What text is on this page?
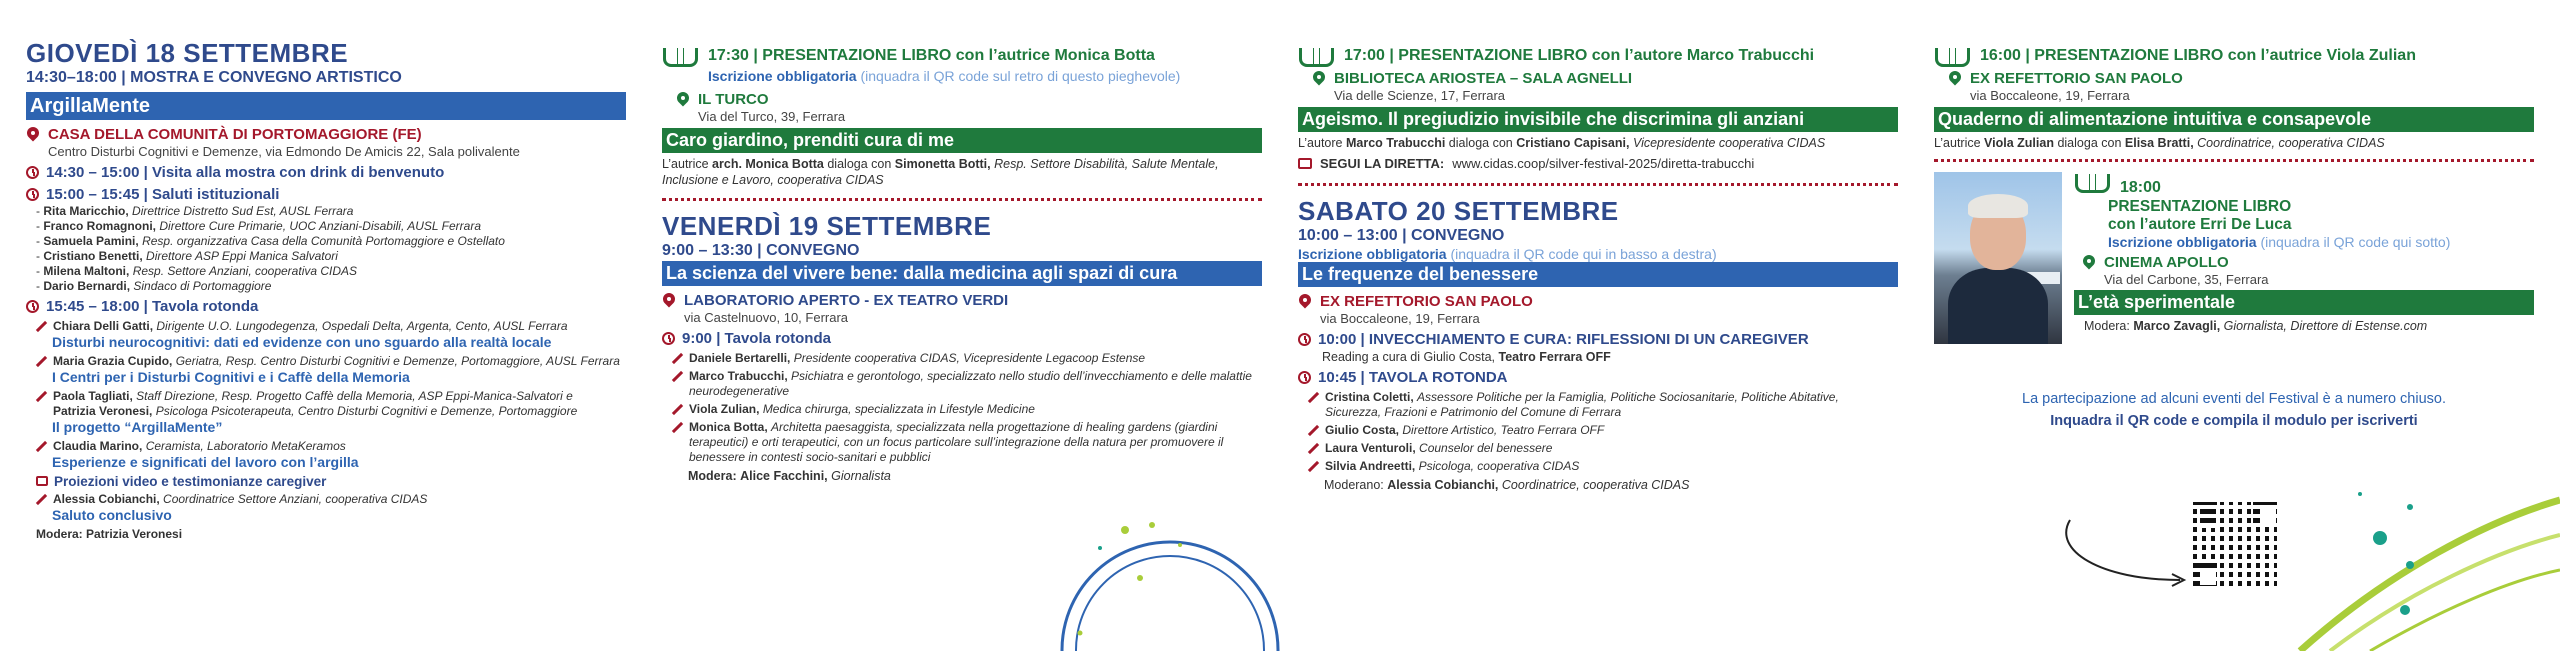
GIOVEDÌ 18 SETTEMBRE
14:30–18:00 | MOSTRA E CONVEGNO ARTISTICO
ArgillaMente
CASA DELLA COMUNITÀ DI PORTOMAGGIORE (FE)
Centro Disturbi Cognitivi e Demenze, via Edmondo De Amicis 22, Sala polivalente
14:30 – 15:00 | Visita alla mostra con drink di benvenuto
15:00 – 15:45 | Saluti istituzionali
- Rita Maricchio, Direttrice Distretto Sud Est, AUSL Ferrara
- Franco Romagnoni, Direttore Cure Primarie, UOC Anziani-Disabili, AUSL Ferrara
- Samuela Pamini, Resp. organizzativa Casa della Comunità Portomaggiore e Ostellato
- Cristiano Benetti, Direttore ASP Eppi Manica Salvatori
- Milena Maltoni, Resp. Settore Anziani, cooperativa CIDAS
- Dario Bernardi, Sindaco di Portomaggiore
15:45 – 18:00 | Tavola rotonda
Chiara Delli Gatti, Dirigente U.O. Lungodegenza, Ospedali Delta, Argenta, Cento, AUSL Ferrara
Disturbi neurocognitivi: dati ed evidenze con uno sguardo alla realtà locale
Maria Grazia Cupido, Geriatra, Resp. Centro Disturbi Cognitivi e Demenze, Portomaggiore, AUSL Ferrara
I Centri per i Disturbi Cognitivi e i Caffè della Memoria
Paola Tagliati, Staff Direzione, Resp. Progetto Caffè della Memoria, ASP Eppi-Manica-Salvatori e
Patrizia Veronesi, Psicologa Psicoterapeuta, Centro Disturbi Cognitivi e Demenze, Portomaggiore
Il progetto “ArgillaMente”
Claudia Marino, Ceramista, Laboratorio MetaKeramos
Esperienze e significati del lavoro con l’argilla
Proiezioni video e testimonianze caregiver
Alessia Cobianchi, Coordinatrice Settore Anziani, cooperativa CIDAS
Saluto conclusivo
Modera: Patrizia Veronesi
17:30 | PRESENTAZIONE LIBRO con l’autrice Monica Botta
Iscrizione obbligatoria (inquadra il QR code sul retro di questo pieghevole)
IL TURCO
Via del Turco, 39, Ferrara
Caro giardino, prenditi cura di me
L’autrice arch. Monica Botta dialoga con Simonetta Botti, Resp. Settore Disabilità, Salute Mentale, Inclusione e Lavoro, cooperativa CIDAS
VENERDÌ 19 SETTEMBRE
9:00 – 13:30 | CONVEGNO
La scienza del vivere bene: dalla medicina agli spazi di cura
LABORATORIO APERTO - EX TEATRO VERDI
via Castelnuovo, 10, Ferrara
9:00 | Tavola rotonda
Daniele Bertarelli, Presidente cooperativa CIDAS, Vicepresidente Legacoop Estense
Marco Trabucchi, Psichiatra e gerontologo, specializzato nello studio dell’invecchiamento e delle malattie neurodegenerative
Viola Zulian, Medica chirurga, specializzata in Lifestyle Medicine
Monica Botta, Architetta paesaggista, specializzata nella progettazione di healing gardens (giardini terapeutici) e orti terapeutici, con un focus particolare sull’integrazione della natura per promuovere il benessere in contesti socio-sanitari e pubblici
Modera: Alice Facchini, Giornalista
17:00 | PRESENTAZIONE LIBRO con l’autore Marco Trabucchi
BIBLIOTECA ARIOSTEA – SALA AGNELLI
Via delle Scienze, 17, Ferrara
Ageismo. Il pregiudizio invisibile che discrimina gli anziani
L’autore Marco Trabucchi dialoga con Cristiano Capisani, Vicepresidente cooperativa CIDAS
SEGUI LA DIRETTA: www.cidas.coop/silver-festival-2025/diretta-trabucchi
SABATO 20 SETTEMBRE
10:00 – 13:00 | CONVEGNO
Iscrizione obbligatoria (inquadra il QR code qui in basso a destra)
Le frequenze del benessere
EX REFETTORIO SAN PAOLO
via Boccaleone, 19, Ferrara
10:00 | INVECCHIAMENTO E CURA: RIFLESSIONI DI UN CAREGIVER
Reading a cura di Giulio Costa, Teatro Ferrara OFF
10:45 | TAVOLA ROTONDA
Cristina Coletti, Assessore Politiche per la Famiglia, Politiche Sociosanitarie, Politiche Abitative, Sicurezza, Frazioni e Patrimonio del Comune di Ferrara
Giulio Costa, Direttore Artistico, Teatro Ferrara OFF
Laura Venturoli, Counselor del benessere
Silvia Andreetti, Psicologa, cooperativa CIDAS
Moderano: Alessia Cobianchi, Coordinatrice, cooperativa CIDAS
16:00 | PRESENTAZIONE LIBRO con l’autrice Viola Zulian
EX REFETTORIO SAN PAOLO
via Boccaleone, 19, Ferrara
Quaderno di alimentazione intuitiva e consapevole
L’autrice Viola Zulian dialoga con Elisa Bratti, Coordinatrice, cooperativa CIDAS
18:00
PRESENTAZIONE LIBRO
con l’autore Erri De Luca
Iscrizione obbligatoria (inquadra il QR code qui sotto)
CINEMA APOLLO
Via del Carbone, 35, Ferrara
L’età sperimentale
Modera: Marco Zavagli, Giornalista, Direttore di Estense.com
La partecipazione ad alcuni eventi del Festival è a numero chiuso.
Inquadra il QR code e compila il modulo per iscriverti
